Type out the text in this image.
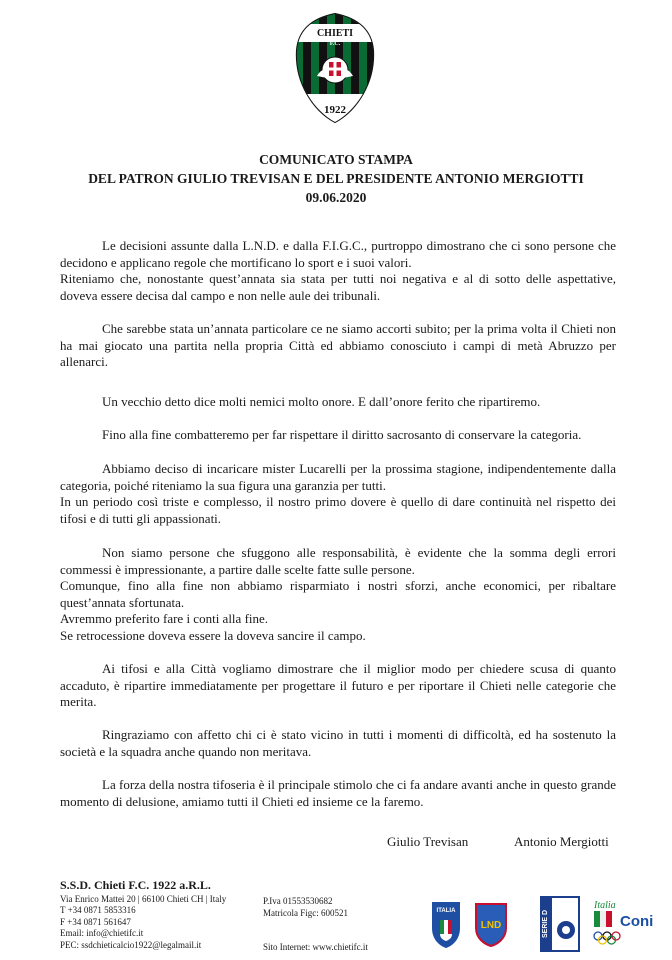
CHIETI
F.C.
1922
COMUNICATO STAMPA
DEL PATRON GIULIO TREVISAN E DEL PRESIDENTE ANTONIO MERGIOTTI
09.06.2020

Le decisioni assunte dalla L.N.D. e dalla F.I.G.C., purtroppo dimostrano che ci sono persone che decidono e applicano regole che mortificano lo sport e i suoi valori.
Riteniamo che, nonostante quest’annata sia stata per tutti noi negativa e al di sotto delle aspettative, doveva essere decisa dal campo e non nelle aule dei tribunali.

Che sarebbe stata un’annata particolare ce ne siamo accorti subito; per la prima volta il Chieti non ha mai giocato una partita nella propria Città ed abbiamo conosciuto i campi di metà Abruzzo per allenarci.

Un vecchio detto dice molti nemici molto onore. E dall’onore ferito che ripartiremo.

Fino alla fine combatteremo per far rispettare il diritto sacrosanto di conservare la categoria.

Abbiamo deciso di incaricare mister Lucarelli per la prossima stagione, indipendentemente dalla categoria, poiché riteniamo la sua figura una garanzia per tutti.
In un periodo così triste e complesso, il nostro primo dovere è quello di dare continuità nel rispetto dei tifosi e di tutti gli appassionati.

Non siamo persone che sfuggono alle responsabilità, è evidente che la somma degli errori commessi è impressionante, a partire dalle scelte fatte sulle persone.
Comunque, fino alla fine non abbiamo risparmiato i nostri sforzi, anche economici, per ribaltare quest’annata sfortunata.
Avremmo preferito fare i conti alla fine.
Se retrocessione doveva essere la doveva sancire il campo.

Ai tifosi e alla Città vogliamo dimostrare che il miglior modo per chiedere scusa di quanto accaduto, è ripartire immediatamente per progettare il futuro e per riportare il Chieti nelle categorie che merita.

Ringraziamo con affetto chi ci è stato vicino in tutti i momenti di difficoltà, ed ha sostenuto la società e la squadra anche quando non meritava.

La forza della nostra tifoseria è il principale stimolo che ci fa andare avanti anche in questo grande momento di delusione, amiamo tutti il Chieti ed insieme ce la faremo.

Giulio Trevisan	Antonio Mergiotti
S.S.D. Chieti F.C. 1922 a.R.L.
Via Enrico Mattei 20 | 66100 Chieti CH | Italy
T +34 0871 5853316
F +34 0871 561647
Email: info@chietifc.it
PEC: ssdchieticalcio1922@legalmail.it
P.Iva 01553530682
Matricola Figc: 600521
Sito Internet: www.chietifc.it
ITALIA
LND	SERIE D
Italia
Coni
